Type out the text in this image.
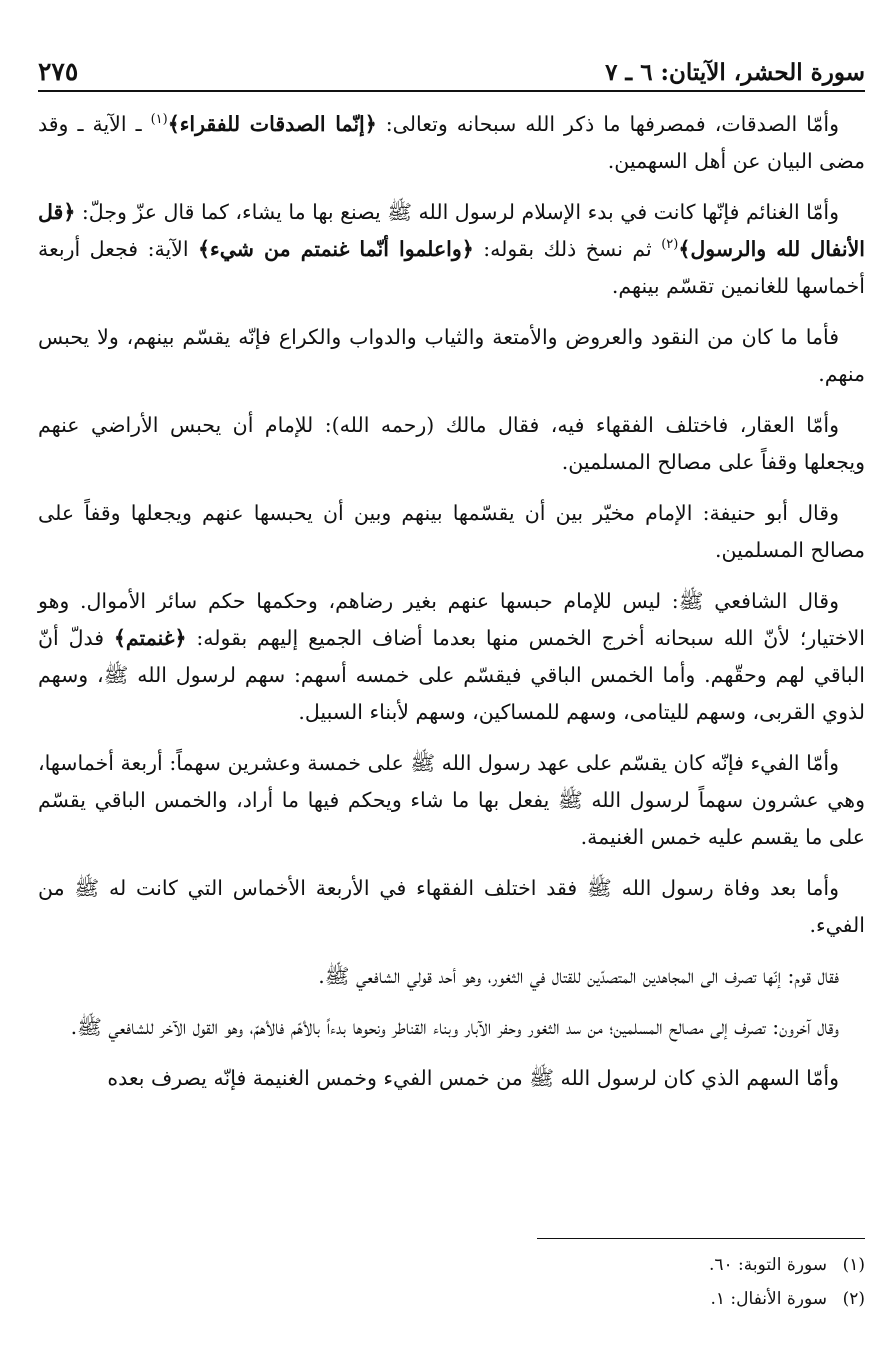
سورة الحشر، الآيتان: ٦ ـ ٧
٢٧٥

وأمّا الصدقات، فمصرفها ما ذكر الله سبحانه وتعالى: ﴿إنّما الصدقات للفقراء﴾$^{(١)}$ ـ الآية ـ وقد مضى البيان عن أهل السهمين.

وأمّا الغنائم فإنّها كانت في بدء الإسلام لرسول الله ﷺ يصنع بها ما يشاء، كما قال عزّ وجلّ: ﴿قل الأنفال لله والرسول﴾$^{(٢)}$ ثم نسخ ذلك بقوله: ﴿واعلموا أنّما غنمتم من شيء﴾ الآية: فجعل أربعة أخماسها للغانمين تقسّم بينهم.

فأما ما كان من النقود والعروض والأمتعة والثياب والدواب والكراع فإنّه يقسّم بينهم، ولا يحبس منهم.

وأمّا العقار، فاختلف الفقهاء فيه، فقال مالك (رحمه الله): للإمام أن يحبس الأراضي عنهم ويجعلها وقفاً على مصالح المسلمين.

وقال أبو حنيفة: الإمام مخيّر بين أن يقسّمها بينهم وبين أن يحبسها عنهم ويجعلها وقفاً على مصالح المسلمين.

وقال الشافعي ﷺ: ليس للإمام حبسها عنهم بغير رضاهم، وحكمها حكم سائر الأموال. وهو الاختيار؛ لأنّ الله سبحانه أخرج الخمس منها بعدما أضاف الجميع إليهم بقوله: ﴿غنمتم﴾ فدلّ أنّ الباقي لهم وحقّهم. وأما الخمس الباقي فيقسّم على خمسه أسهم: سهم لرسول الله ﷺ، وسهم لذوي القربى، وسهم لليتامى، وسهم للمساكين، وسهم لأبناء السبيل.

وأمّا الفيء فإنّه كان يقسّم على عهد رسول الله ﷺ على خمسة وعشرين سهماً: أربعة أخماسها، وهي عشرون سهماً لرسول الله ﷺ يفعل بها ما شاء ويحكم فيها ما أراد، والخمس الباقي يقسّم على ما يقسم عليه خمس الغنيمة.

وأما بعد وفاة رسول الله ﷺ فقد اختلف الفقهاء في الأربعة الأخماس التي كانت له ﷺ من الفيء.

فقال قوم: إنّها تصرف الى المجاهدين المتصدّين للقتال في الثغور، وهو أحد قولي الشافعي ﷺ.

وقال آخرون: تصرف إلى مصالح المسلمين؛ من سد الثغور وحفر الآبار وبناء القناطر ونحوها بدءاً بالأهّم فالأهمّ، وهو القول الآخر للشافعي ﷺ.

وأمّا السهم الذي كان لرسول الله ﷺ من خمس الفيء وخمس الغنيمة فإنّه يصرف بعده

(١)سورة التوبة: ٦٠.
(٢)سورة الأنفال: ١.
